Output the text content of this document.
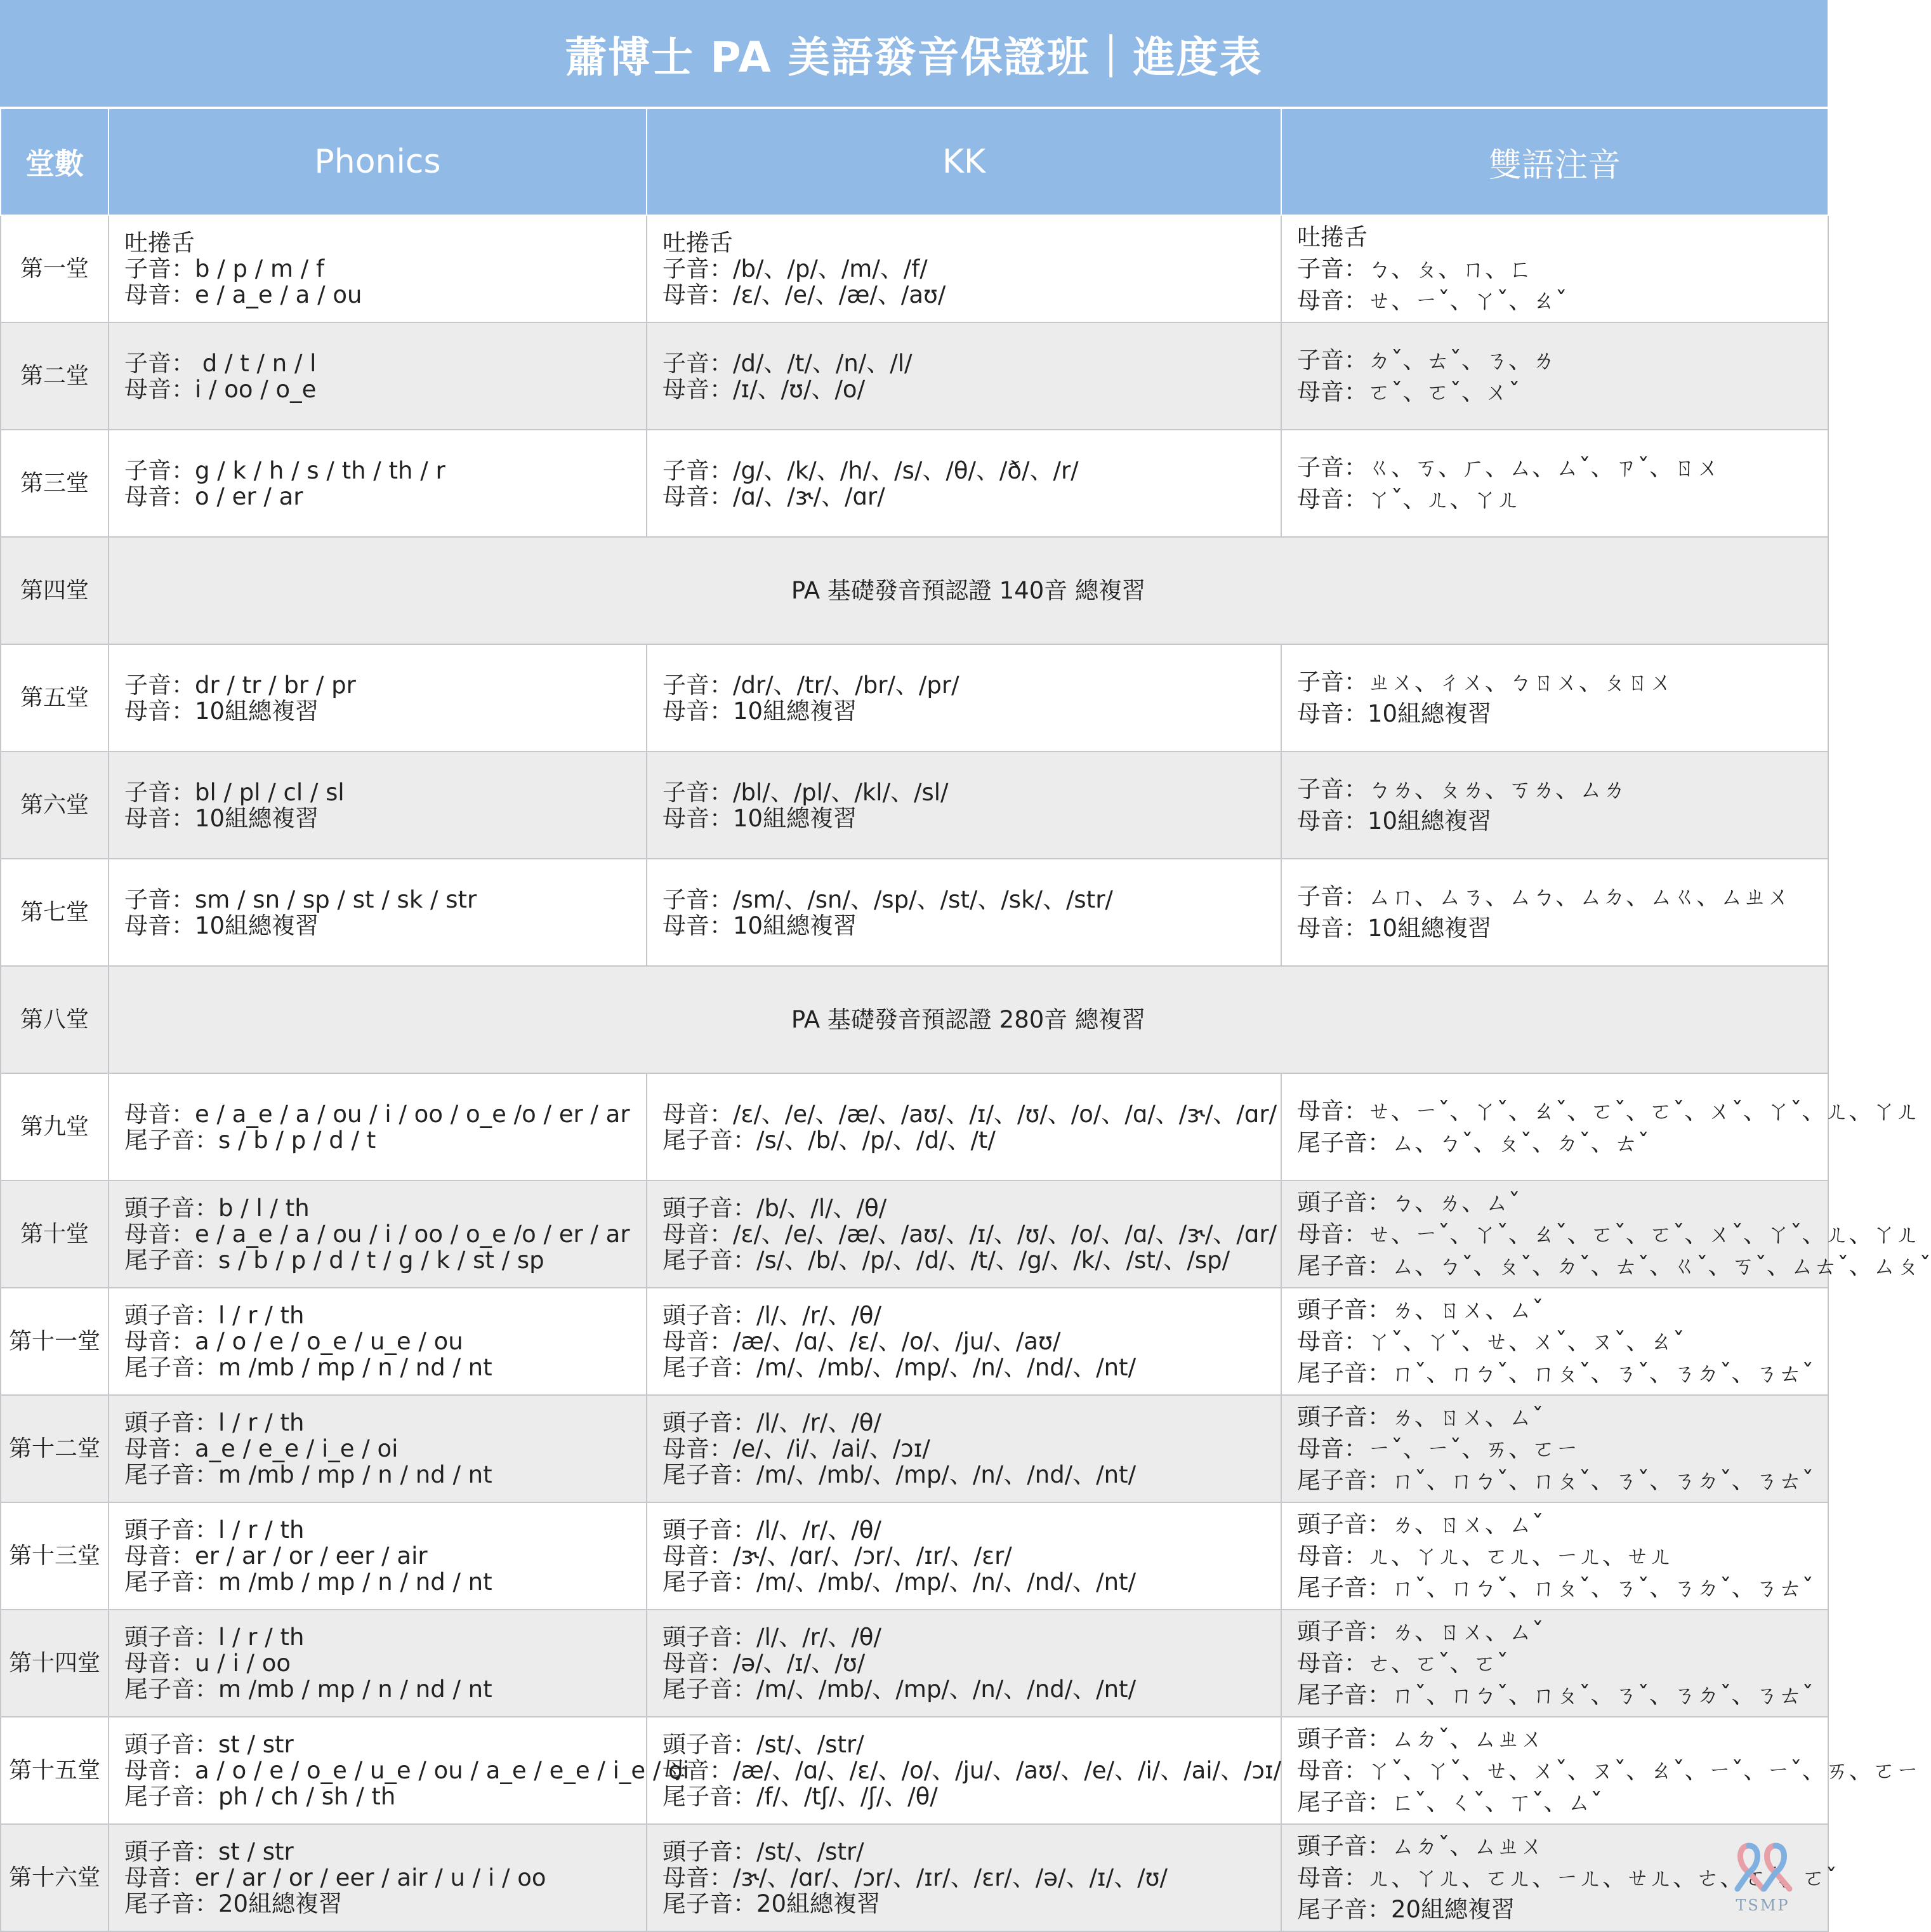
蕭博士 PA 美語發音保證班｜進度表
堂數	Phonics	KK	雙語注音
第一堂	吐捲舌
子音：b / p / m / f
母音：e / a_e / a / ou	吐捲舌
子音：/b/、/p/、/m/、/f/
母音：/ɛ/、/e/、/æ/、/aʊ/	吐捲舌
子音：ㄅ、ㄆ、ㄇ、ㄈ
母音：ㄝ、ㄧˇ、ㄚˇ、ㄠˇ

第二堂	子音： d / t / n / l
母音：i / oo / o_e	子音：/d/、/t/、/n/、/l/
母音：/ɪ/、/ʊ/、/o/	子音：ㄉˇ、ㄊˇ、ㄋ、ㄌ
母音：ㄛˇ、ㄛˇ、ㄨˇ

第三堂	子音：g / k / h / s / th / th / r
母音：o / er / ar	子音：/g/、/k/、/h/、/s/、/θ/、/ð/、/r/
母音：/ɑ/、/ɝ/、/ɑr/	子音：ㄍ、ㄎ、ㄏ、ㄙ、ㄙˇ、ㄗˇ、ㄖㄨ
母音：ㄚˇ、ㄦ、ㄚㄦ

第四堂	PA 基礎發音預認證 140音 總複習		
第五堂	子音：dr / tr / br / pr
母音：10組總複習	子音：/dr/、/tr/、/br/、/pr/
母音：10組總複習	子音：ㄓㄨ、ㄔㄨ、ㄅㄖㄨ、ㄆㄖㄨ
母音：10組總複習

第六堂	子音：bl / pl / cl / sl
母音：10組總複習	子音：/bl/、/pl/、/kl/、/sl/
母音：10組總複習	子音：ㄅㄌ、ㄆㄌ、ㄎㄌ、ㄙㄌ
母音：10組總複習

第七堂	子音：sm / sn / sp / st / sk / str
母音：10組總複習	子音：/sm/、/sn/、/sp/、/st/、/sk/、/str/
母音：10組總複習	子音：ㄙㄇ、ㄙㄋ、ㄙㄅ、ㄙㄉ、ㄙㄍ、ㄙㄓㄨ
母音：10組總複習

第八堂	PA 基礎發音預認證 280音 總複習		
第九堂	母音：e / a_e / a / ou / i / oo / o_e /o / er / ar
尾子音：s / b / p / d / t	母音：/ɛ/、/e/、/æ/、/aʊ/、/ɪ/、/ʊ/、/o/、/ɑ/、/ɝ/、/ɑr/
尾子音：/s/、/b/、/p/、/d/、/t/	母音：ㄝ、ㄧˇ、ㄚˇ、ㄠˇ、ㄛˇ、ㄛˇ、ㄨˇ、ㄚˇ、ㄦ、ㄚㄦ
尾子音：ㄙ、ㄅˇ、ㄆˇ、ㄉˇ、ㄊˇ

第十堂	頭子音：b / l / th
母音：e / a_e / a / ou / i / oo / o_e /o / er / ar
尾子音：s / b / p / d / t / g / k / st / sp	頭子音：/b/、/l/、/θ/
母音：/ɛ/、/e/、/æ/、/aʊ/、/ɪ/、/ʊ/、/o/、/ɑ/、/ɝ/、/ɑr/
尾子音：/s/、/b/、/p/、/d/、/t/、/g/、/k/、/st/、/sp/	頭子音：ㄅ、ㄌ、ㄙˇ
母音：ㄝ、ㄧˇ、ㄚˇ、ㄠˇ、ㄛˇ、ㄛˇ、ㄨˇ、ㄚˇ、ㄦ、ㄚㄦ
尾子音：ㄙ、ㄅˇ、ㄆˇ、ㄉˇ、ㄊˇ、ㄍˇ、ㄎˇ、ㄙㄊˇ、ㄙㄆˇ

第十一堂	頭子音：l / r / th
母音：a / o / e / o_e / u_e / ou
尾子音：m /mb / mp / n / nd / nt	頭子音：/l/、/r/、/θ/
母音：/æ/、/ɑ/、/ɛ/、/o/、/ju/、/aʊ/
尾子音：/m/、/mb/、/mp/、/n/、/nd/、/nt/	頭子音：ㄌ、ㄖㄨ、ㄙˇ
母音：ㄚˇ、ㄚˇ、ㄝ、ㄨˇ、ㄡˇ、ㄠˇ
尾子音：ㄇˇ、ㄇㄅˇ、ㄇㄆˇ、ㄋˇ、ㄋㄉˇ、ㄋㄊˇ

第十二堂	頭子音：l / r / th
母音：a_e / e_e / i_e / oi
尾子音：m /mb / mp / n / nd / nt	頭子音：/l/、/r/、/θ/
母音：/e/、/i/、/ai/、/ɔɪ/
尾子音：/m/、/mb/、/mp/、/n/、/nd/、/nt/	頭子音：ㄌ、ㄖㄨ、ㄙˇ
母音：ㄧˇ、ㄧˇ、ㄞ、ㄛㄧ
尾子音：ㄇˇ、ㄇㄅˇ、ㄇㄆˇ、ㄋˇ、ㄋㄉˇ、ㄋㄊˇ

第十三堂	頭子音：l / r / th
母音：er / ar / or / eer / air
尾子音：m /mb / mp / n / nd / nt	頭子音：/l/、/r/、/θ/
母音：/ɝ/、/ɑr/、/ɔr/、/ɪr/、/ɛr/
尾子音：/m/、/mb/、/mp/、/n/、/nd/、/nt/	頭子音：ㄌ、ㄖㄨ、ㄙˇ
母音：ㄦ、ㄚㄦ、ㄛㄦ、ㄧㄦ、ㄝㄦ
尾子音：ㄇˇ、ㄇㄅˇ、ㄇㄆˇ、ㄋˇ、ㄋㄉˇ、ㄋㄊˇ

第十四堂	頭子音：l / r / th
母音：u / i / oo
尾子音：m /mb / mp / n / nd / nt	頭子音：/l/、/r/、/θ/
母音：/ə/、/ɪ/、/ʊ/
尾子音：/m/、/mb/、/mp/、/n/、/nd/、/nt/	頭子音：ㄌ、ㄖㄨ、ㄙˇ
母音：ㄜ、ㄛˇ、ㄛˇ
尾子音：ㄇˇ、ㄇㄅˇ、ㄇㄆˇ、ㄋˇ、ㄋㄉˇ、ㄋㄊˇ

第十五堂	頭子音：st / str
母音：a / o / e / o_e / u_e / ou / a_e / e_e / i_e / oi
尾子音：ph / ch / sh / th	頭子音：/st/、/str/
母音：/æ/、/ɑ/、/ɛ/、/o/、/ju/、/aʊ/、/e/、/i/、/ai/、/ɔɪ/
尾子音：/f/、/tʃ/、/ʃ/、/θ/	頭子音：ㄙㄉˇ、ㄙㄓㄨ
母音：ㄚˇ、ㄚˇ、ㄝ、ㄨˇ、ㄡˇ、ㄠˇ、ㄧˇ、ㄧˇ、ㄞ、ㄛㄧ
尾子音：ㄈˇ、ㄑˇ、ㄒˇ、ㄙˇ

第十六堂	頭子音：st / str
母音：er / ar / or / eer / air / u / i / oo
尾子音：20組總複習	頭子音：/st/、/str/
母音：/ɝ/、/ɑr/、/ɔr/、/ɪr/、/ɛr/、/ə/、/ɪ/、/ʊ/
尾子音：20組總複習	頭子音：ㄙㄉˇ、ㄙㄓㄨ
母音：ㄦ、ㄚㄦ、ㄛㄦ、ㄧㄦ、ㄝㄦ、ㄜ、ㄛˇ、ㄛˇ
尾子音：20組總複習	TSMP
